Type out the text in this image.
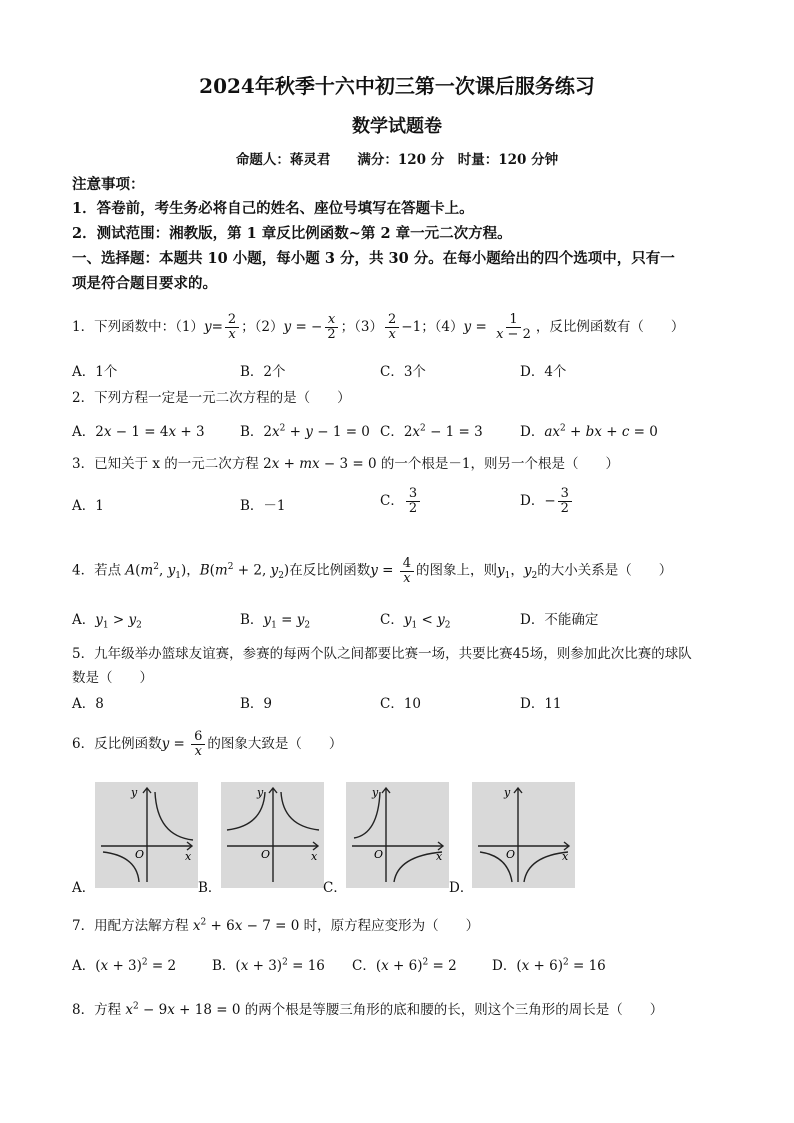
2024年秋季十六中初三第一次课后服务练习
数学试题卷
命题人：蒋灵君　　满分：120 分　时量：120 分钟
注意事项：
1．答卷前，考生务必将自己的姓名、座位号填写在答题卡上。
2．测试范围：湘教版，第 1 章反比例函数~第 2 章一元二次方程。
一、选择题：本题共 10 小题，每小题 3 分，共 30 分。在每小题给出的四个选项中，只有一
项是符合题目要求的。
1．下列函数中：$(1)y= \frac{2}{x}$ ；（2）y = − $\frac{x}{2}$ ；$(3) \frac{2}{x} -1$；$(4)y = \frac{1}{x - 2}$ ，反比例函数有（　　）
A．1个	B．2个	C．3个	D．4个
2．下列方程一定是一元二次方程的是（　　）
A．2x − 1 = 4x + 3	B．$2x^2 + y - 1 = 0$ C．$2x^2 - 1 = 3$	D．$ax^2$ + bx + c = 0
3．已知关于 x 的一元二次方程 2x + mx − 3 = 0 的一个根是－1，则另一个根是（　　）
A．1	B．－1	C． $\frac{3}{2}$	D．− $\frac{3}{2}$
4．若点 $A(m^2$, $y_1$)，$B(m^2 + 2$, $y_2$)在反比例函数$y = \frac{4}{x}$ 的图象上，则$y_1$，$y_2$的大小关系是（　　）
A．$y_1 > y_2$	B．$y_1 = y_2$	C．$y_1 < y_2$	D．不能确定
5．九年级举办篮球友谊赛，参赛的每两个队之间都要比赛一场，共要比赛45场，则参加此次比赛的球队
数是（　　）
A．8	B．9	C．10	D．11
6．反比例函数$y = \frac{6}{x}$ 的图象大致是（　　）
y
x
O
y
x
O
y
x
O
y
x
O
A．	B．	C．	D．
7．用配方法解方程 $x^2 + 6x - 7 = 0$ 时，原方程应变形为（　　）
A．$(x + 3)^2 = 2$	B．$(x + 3)^2 = 16$ C．$(x + 6)^2 = 2$	D．$(x + 6)^2 = 16$
8．方程 $x^2 - 9x + 18 = 0$ 的两个根是等腰三角形的底和腰的长，则这个三角形的周长是（　　）
